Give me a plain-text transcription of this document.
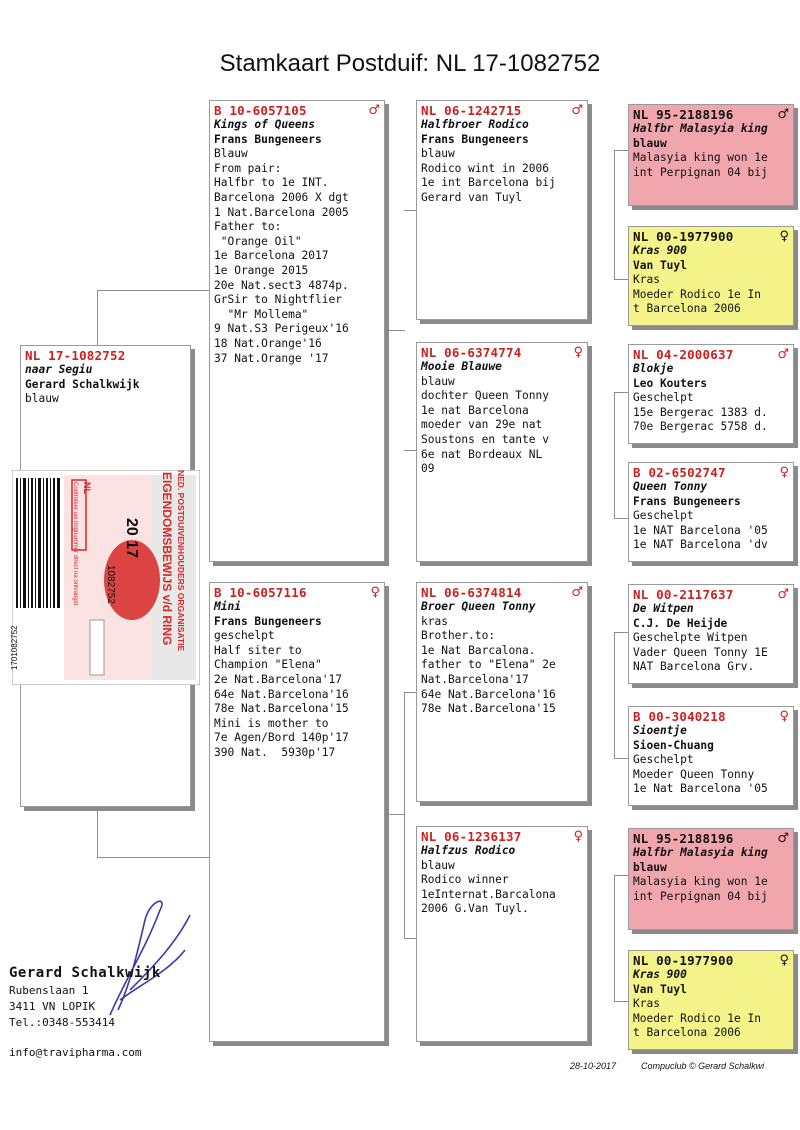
Stamkaart Postduif: NL 17-1082752
NL 17-1082752
naar Segiu
Gerard Schalkwijk
blauw
NED. POSTDUIVENHOUDERS ORGANISATIE
EIGENDOMSBEWIJS v/d RING
20 17
NL
1082752
Controleer uw ringnummer direct na ontvangst
1701082752
B 10-6057105	♂
Kings of Queens
Frans Bungeneers
Blauw
From pair:
Halfbr to 1e INT.
Barcelona 2006 X dgt
1 Nat.Barcelona 2005
Father to:
"Orange Oil"
1e Barcelona 2017
1e Orange 2015
20e Nat.sect3 4874p.
GrSir to Nightflier
"Mr Mollema"
9 Nat.S3 Perigeux'16
18 Nat.Orange'16
37 Nat.Orange '17
B 10-6057116	♀
Mini
Frans Bungeneers
geschelpt
Half siter to
Champion "Elena"
2e Nat.Barcelona'17
64e Nat.Barcelona'16
78e Nat.Barcelona'15
Mini is mother to
7e Agen/Bord 140p'17
390 Nat.  5930p'17
NL 06-1242715	♂
Halfbroer Rodico
Frans Bungeneers
blauw
Rodico wint in 2006
1e int Barcelona bij
Gerard van Tuyl
NL 06-6374774	♀
Mooie Blauwe
blauw
dochter Queen Tonny
1e nat Barcelona
moeder van 29e nat
Soustons en tante v
6e nat Bordeaux NL
09
NL 06-6374814	♂
Broer Queen Tonny
kras
Brother.to:
1e Nat Barcalona.
father to "Elena" 2e
Nat.Barcelona'17
64e Nat.Barcelona'16
78e Nat.Barcelona'15
NL 06-1236137	♀
Halfzus Rodico
blauw
Rodico winner
1eInternat.Barcalona
2006 G.Van Tuyl.
NL 95-2188196	♂
Halfbr Malasyia king
blauw
Malasyia king won 1e
int Perpignan 04 bij
NL 00-1977900	♀
Kras 900
Van Tuyl
Kras
Moeder Rodico 1e In
t Barcelona 2006
NL 04-2000637	♂
Blokje
Leo Kouters
Geschelpt
15e Bergerac 1383 d.
70e Bergerac 5758 d.
B 02-6502747	♀
Queen Tonny
Frans Bungeneers
Geschelpt
1e NAT Barcelona '05
1e NAT Barcelona 'dv
NL 00-2117637	♂
De Witpen
C.J. De Heijde
Geschelpte Witpen
Vader Queen Tonny 1E
NAT Barcelona Grv.
B 00-3040218	♀
Sioentje
Sioen-Chuang
Geschelpt
Moeder Queen Tonny
1e Nat Barcelona '05
NL 95-2188196	♂
Halfbr Malasyia king
blauw
Malasyia king won 1e
int Perpignan 04 bij
NL 00-1977900	♀
Kras 900
Van Tuyl
Kras
Moeder Rodico 1e In
t Barcelona 2006
Gerard Schalkwijk
Rubenslaan 1
3411 VN LOPIK
Tel.:0348-553414
info@travipharma.com
28-10-2017	Compuclub © Gerard Schalkwi
